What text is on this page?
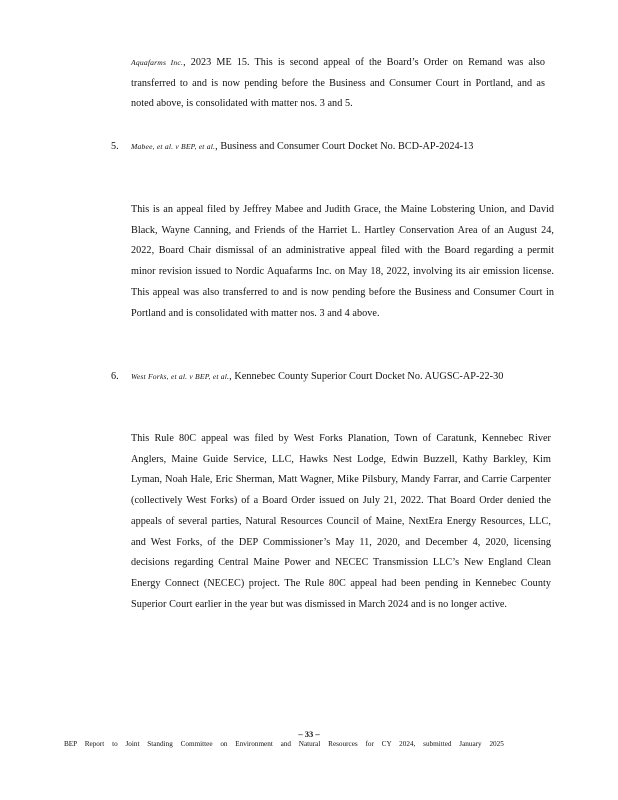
Aquafarms Inc., 2023 ME 15. This is second appeal of the Board’s Order on Remand was also transferred to and is now pending before the Business and Consumer Court in Portland, and as noted above, is consolidated with matter nos. 3 and 5.
5. Mabee, et al. v BEP, et al., Business and Consumer Court Docket No. BCD-AP-2024-13
This is an appeal filed by Jeffrey Mabee and Judith Grace, the Maine Lobstering Union, and David Black, Wayne Canning, and Friends of the Harriet L. Hartley Conservation Area of an August 24, 2022, Board Chair dismissal of an administrative appeal filed with the Board regarding a permit minor revision issued to Nordic Aquafarms Inc. on May 18, 2022, involving its air emission license. This appeal was also transferred to and is now pending before the Business and Consumer Court in Portland and is consolidated with matter nos. 3 and 4 above.
6. West Forks, et al. v BEP, et al., Kennebec County Superior Court Docket No. AUGSC-AP-22-30
This Rule 80C appeal was filed by West Forks Planation, Town of Caratunk, Kennebec River Anglers, Maine Guide Service, LLC, Hawks Nest Lodge, Edwin Buzzell, Kathy Barkley, Kim Lyman, Noah Hale, Eric Sherman, Matt Wagner, Mike Pilsbury, Mandy Farrar, and Carrie Carpenter (collectively West Forks) of a Board Order issued on July 21, 2022. That Board Order denied the appeals of several parties, Natural Resources Council of Maine, NextEra Energy Resources, LLC, and West Forks, of the DEP Commissioner’s May 11, 2020, and December 4, 2020, licensing decisions regarding Central Maine Power and NECEC Transmission LLC’s New England Clean Energy Connect (NECEC) project. The Rule 80C appeal had been pending in Kennebec County Superior Court earlier in the year but was dismissed in March 2024 and is no longer active.
– 33 –
BEP Report to Joint Standing Committee on Environment and Natural Resources for CY 2024, submitted January 2025
